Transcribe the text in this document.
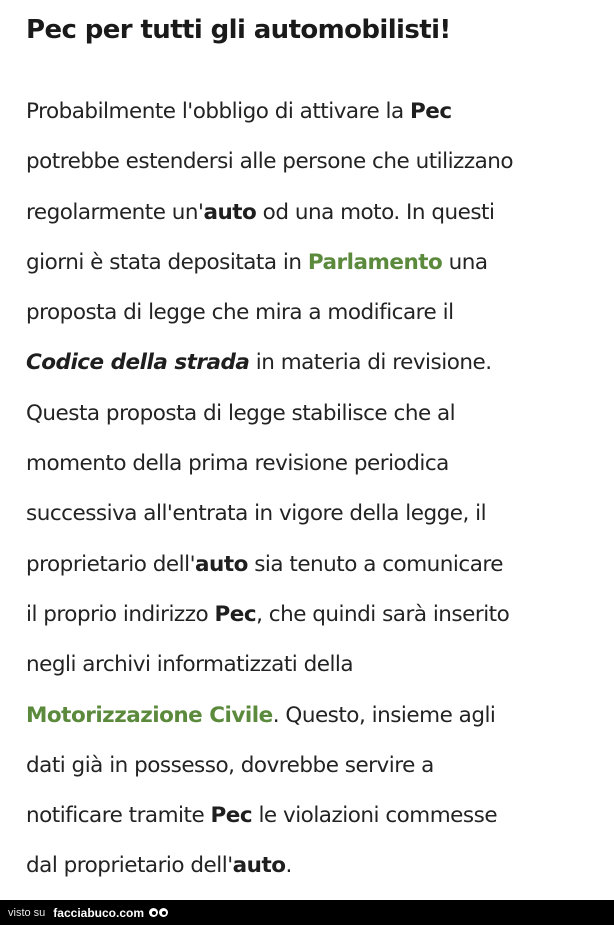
Pec per tutti gli automobilisti!
Probabilmente l'obbligo di attivare la Pec
potrebbe estendersi alle persone che utilizzano
regolarmente un'auto od una moto. In questi
giorni è stata depositata in Parlamento una
proposta di legge che mira a modificare il
Codice della strada in materia di revisione.
Questa proposta di legge stabilisce che al
momento della prima revisione periodica
successiva all'entrata in vigore della legge, il
proprietario dell'auto sia tenuto a comunicare
il proprio indirizzo Pec, che quindi sarà inserito
negli archivi informatizzati della
Motorizzazione Civile. Questo, insieme agli
dati già in possesso, dovrebbe servire a
notificare tramite Pec le violazioni commesse
dal proprietario dell'auto.
visto su facciabuco.com
